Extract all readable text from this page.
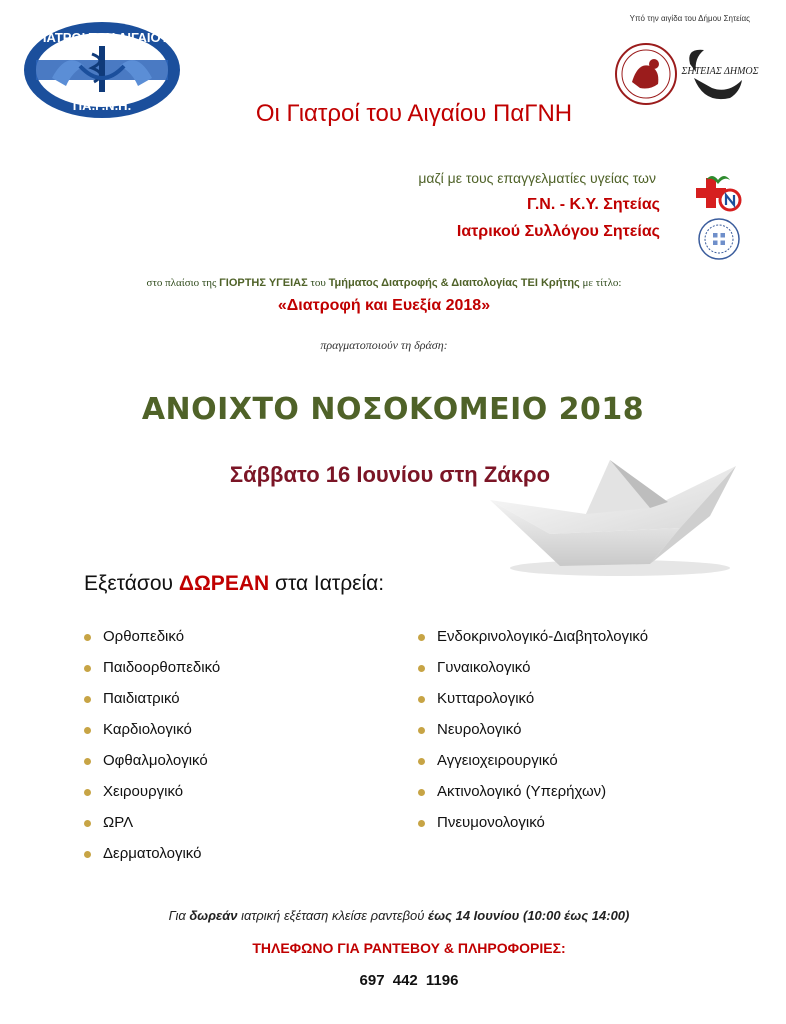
Υπό την αιγίδα του Δήμου Σητείας
ΓΙΑΤΡΟΙ ΤΟΥ ΑΙΓΑΙΟΥ
ΠΑ.Γ.Ν.Η.
ΣΗΤΕΙΑΣ ΔΗΜΟΣ
Οι Γιατροί του Αιγαίου ΠαΓΝΗ
μαζί με τους επαγγελματίες υγείας των
Γ.Ν. - Κ.Υ. Σητείας
Ιατρικού Συλλόγου Σητείας
στο πλαίσιο της ΓΙΟΡΤΗΣ ΥΓΕΙΑΣ του Τμήματος Διατροφής & Διαιτολογίας ΤΕΙ Κρήτης με τίτλο:
«Διατροφή και Ευεξία 2018»
πραγματοποιούν τη δράση:
ΑΝΟΙΧΤΟ ΝΟΣΟΚΟΜΕΙΟ 2018
Σάββατο 16 Ιουνίου στη Ζάκρο
Εξετάσου ΔΩΡΕΑΝ στα Ιατρεία:
Ορθοπεδικό
Παιδοορθοπεδικό
Παιδιατρικό
Καρδιολογικό
Οφθαλμολογικό
Χειρουργικό
ΩΡΛ
Δερματολογικό
Ενδοκρινολογικό-Διαβητολογικό
Γυναικολογικό
Κυτταρολογικό
Νευρολογικό
Αγγειοχειρουργικό
Ακτινολογικό (Υπερήχων)
Πνευμονολογικό
Για δωρεάν ιατρική εξέταση κλείσε ραντεβού έως 14 Ιουνίου (10:00 έως 14:00)
ΤΗΛΕΦΩΝΟ ΓΙΑ ΡΑΝΤΕΒΟΥ & ΠΛΗΡΟΦΟΡΙΕΣ:
697 442 1196
